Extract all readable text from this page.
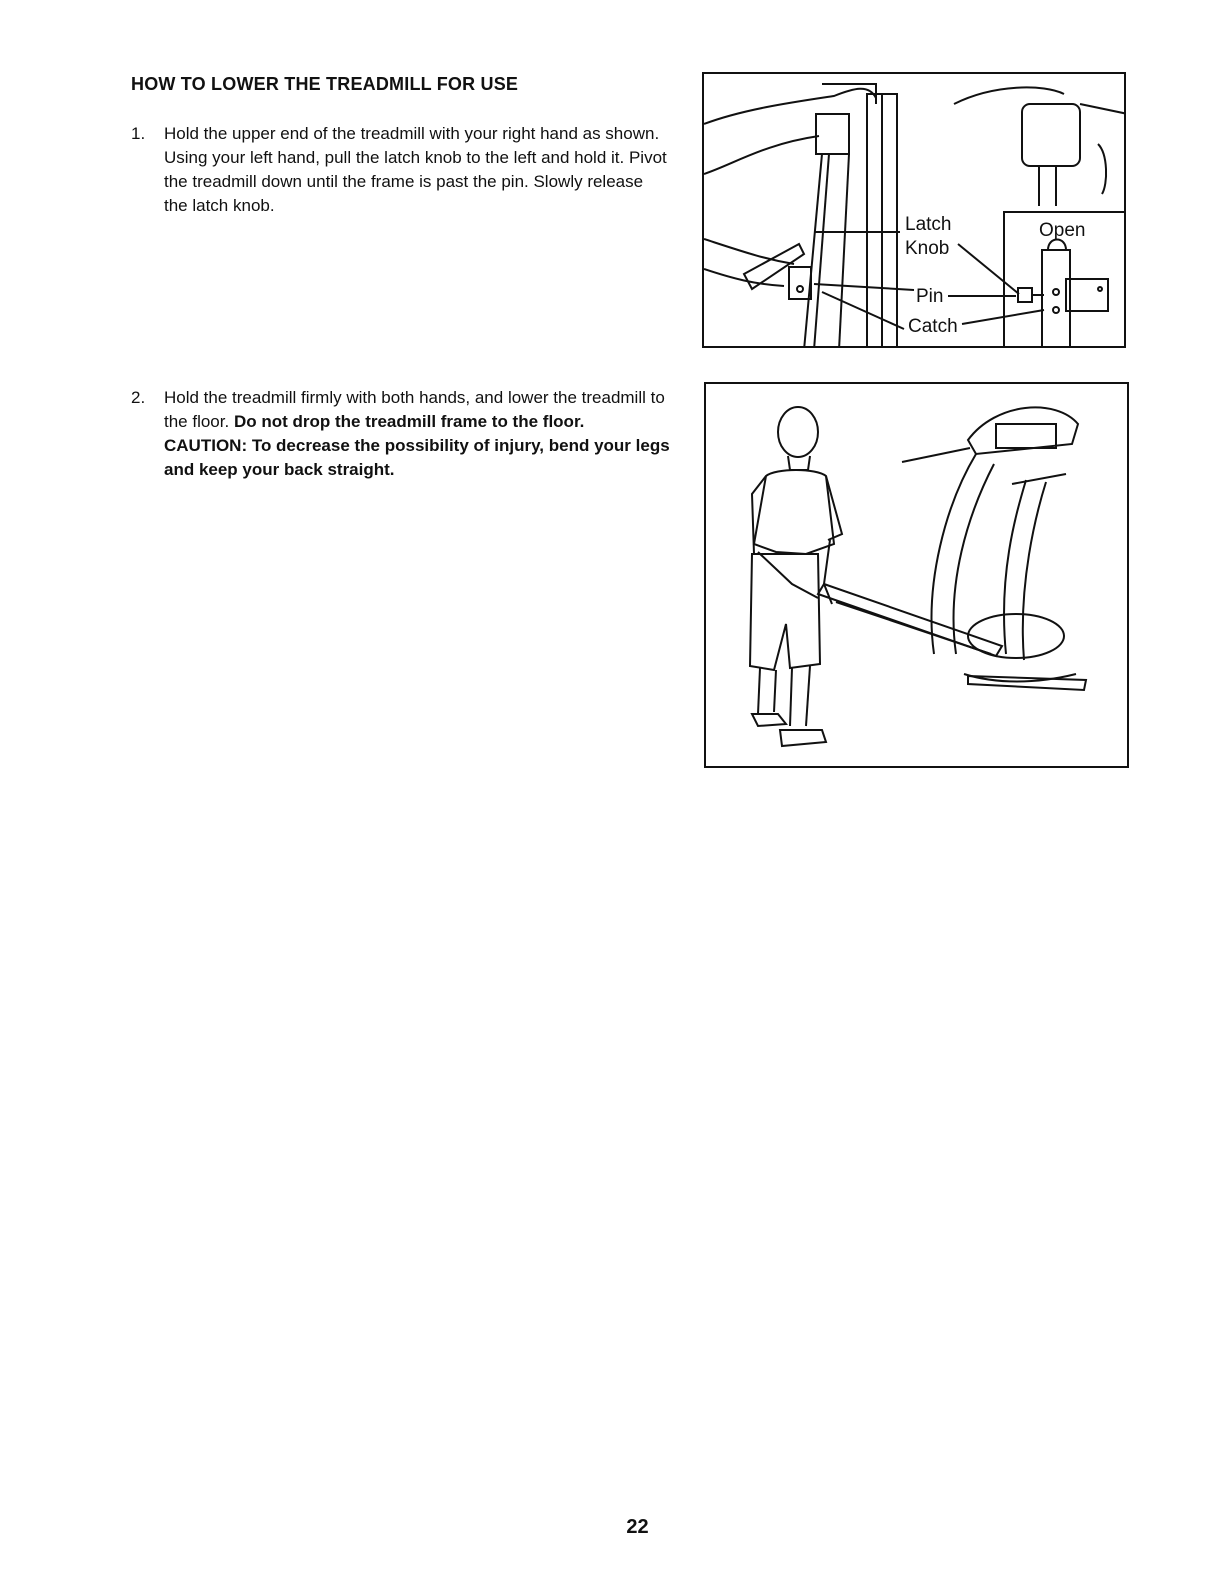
HOW TO LOWER THE TREADMILL FOR USE
1. Hold the upper end of the treadmill with your right hand as shown. Using your left hand, pull the latch knob to the left and hold it. Pivot the treadmill down until the frame is past the pin. Slowly release the latch knob.
2. Hold the treadmill firmly with both hands, and lower the treadmill to the floor. Do not drop the treadmill frame to the floor. CAUTION: To decrease the possibility of injury, bend your legs and keep your back straight.
Latch
Knob
Pin
Catch
Open
22
